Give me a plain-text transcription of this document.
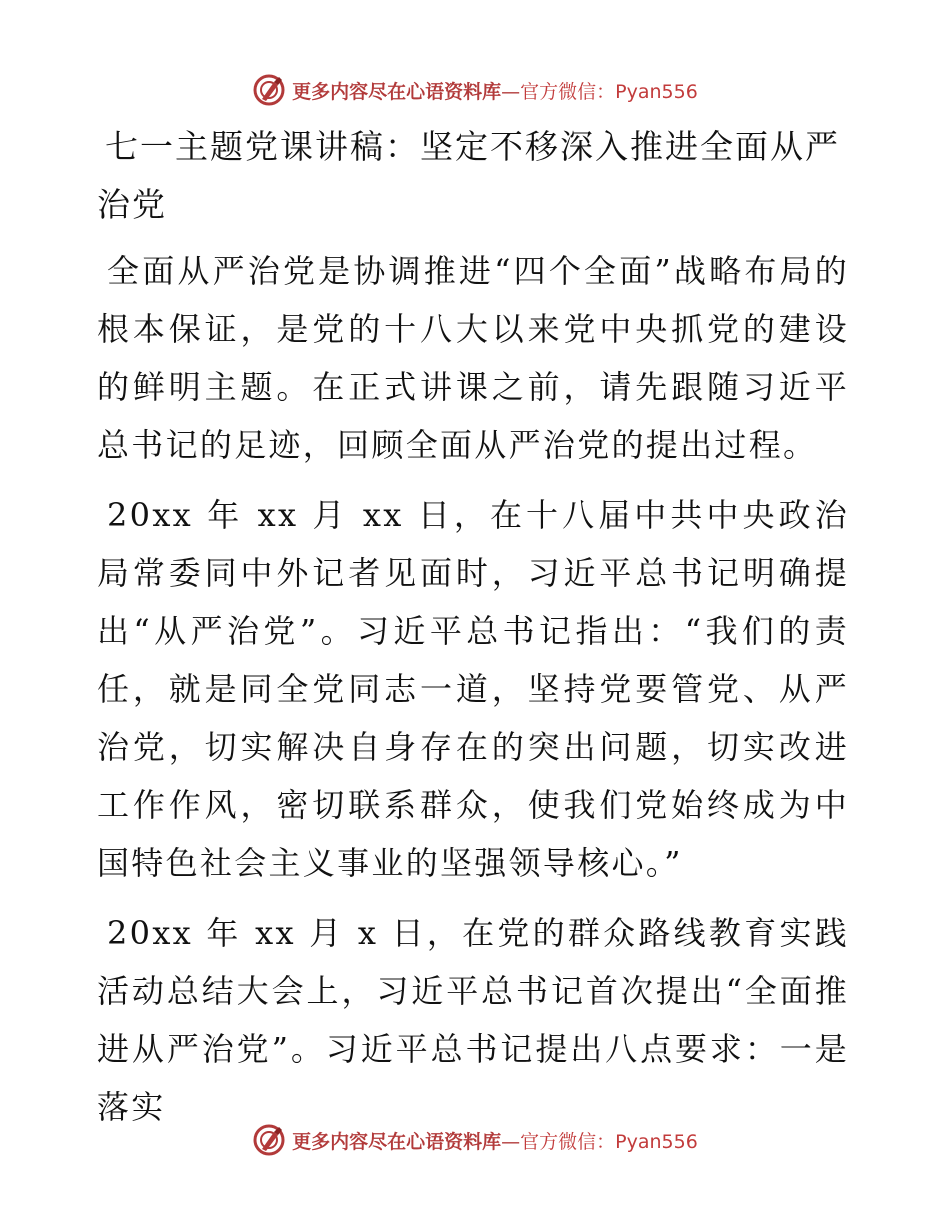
更多内容尽在心语资料库—官方微信：Pyan556
七一主题党课讲稿：坚定不移深入推进全面从严治党

全面从严治党是协调推进“四个全面”战略布局的根本保证，是党的十八大以来党中央抓党的建设的鲜明主题。在正式讲课之前，请先跟随习近平总书记的足迹，回顾全面从严治党的提出过程。

20xx 年 xx 月 xx 日，在十八届中共中央政治局常委同中外记者见面时，习近平总书记明确提出“从严治党”。习近平总书记指出：“我们的责任，就是同全党同志一道，坚持党要管党、从严治党，切实解决自身存在的突出问题，切实改进工作作风，密切联系群众，使我们党始终成为中国特色社会主义事业的坚强领导核心。”

20xx 年 xx 月 x 日，在党的群众路线教育实践活动总结大会上，习近平总书记首次提出“全面推进从严治党”。习近平总书记提出八点要求：一是落实

更多内容尽在心语资料库—官方微信：Pyan556
